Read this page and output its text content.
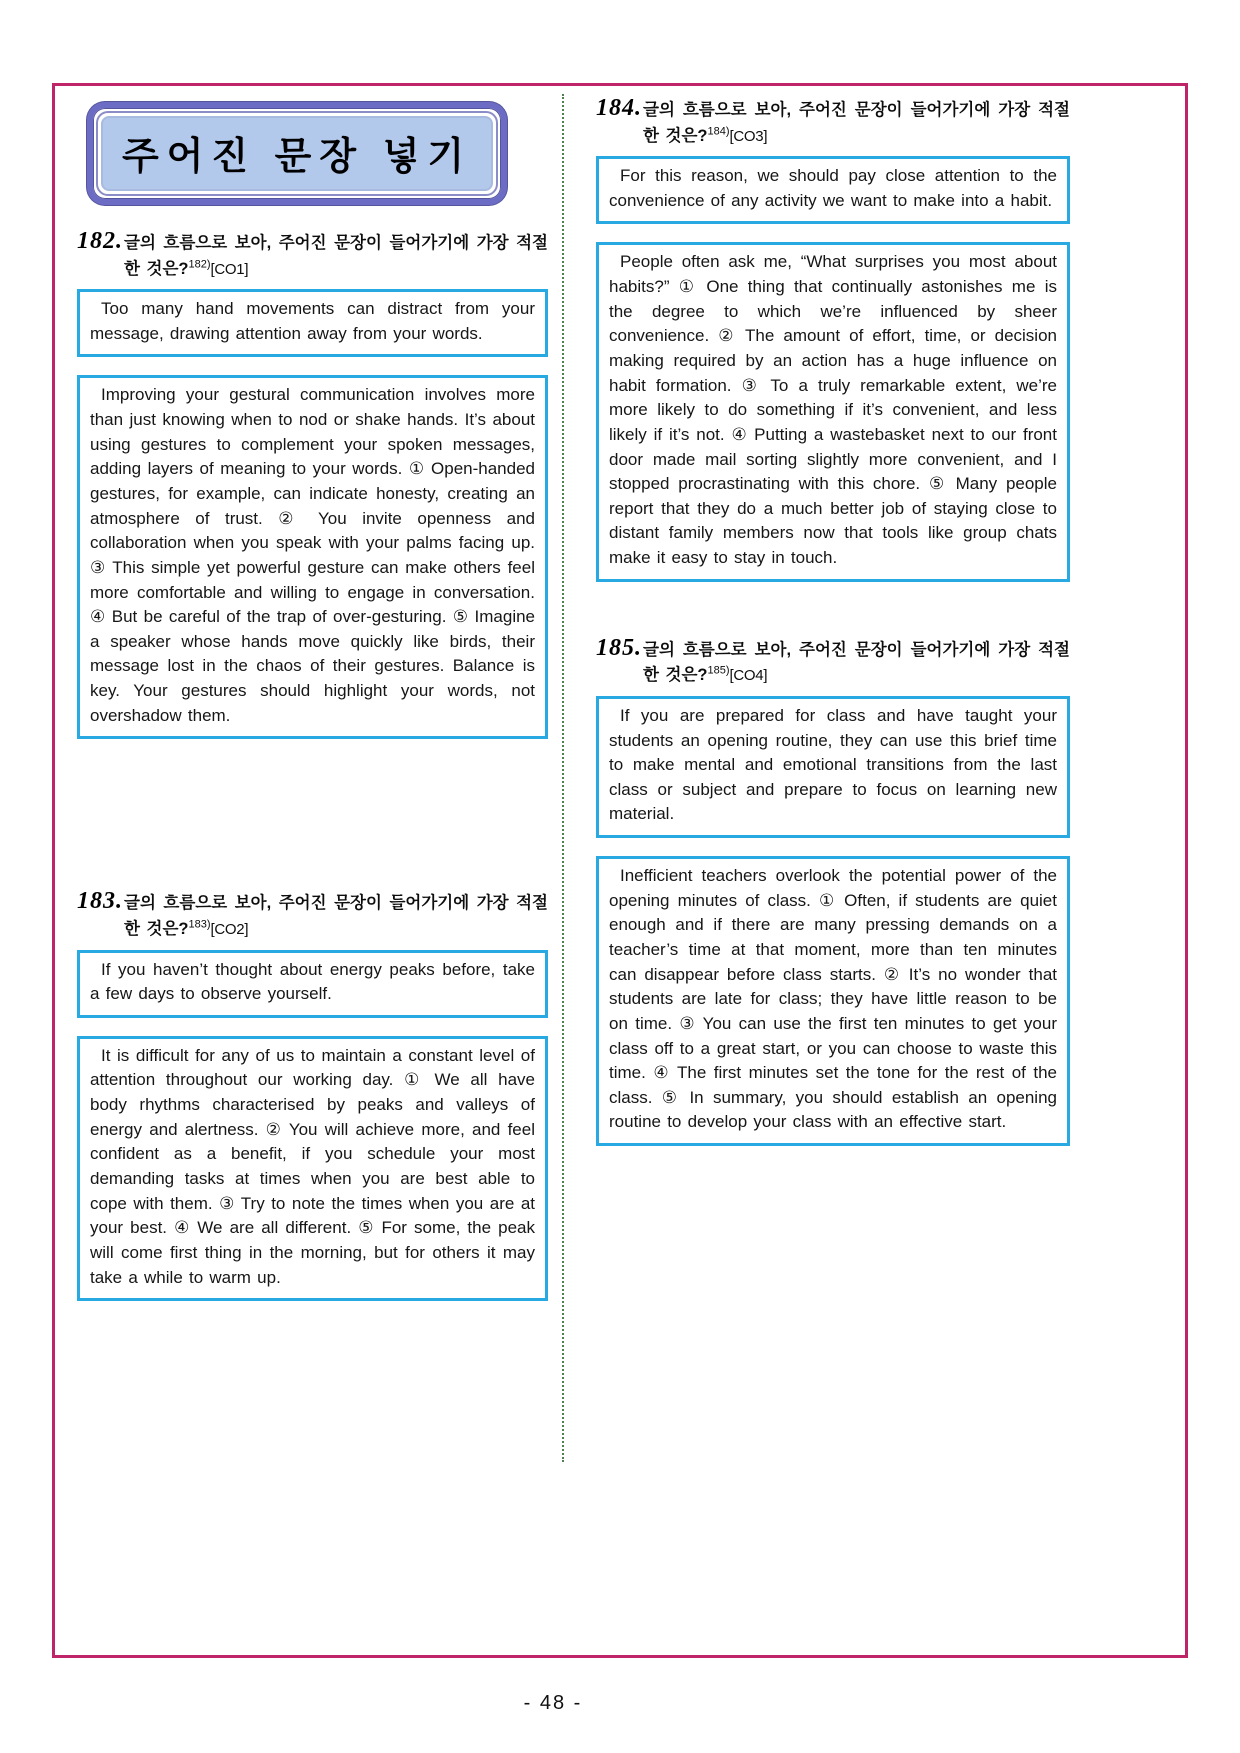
주어진 문장 넣기
182. 글의 흐름으로 보아, 주어진 문장이 들어가기에 가장 적절한 것은?$^{182)}$[CO1]

Too many hand movements can distract from your message, drawing attention away from your words.

Improving your gestural communication involves more than just knowing when to nod or shake hands. It’s about using gestures to complement your spoken messages, adding layers of meaning to your words. ① Open-handed gestures, for example, can indicate honesty, creating an atmosphere of trust. ② You invite openness and collaboration when you speak with your palms facing up. ③ This simple yet powerful gesture can make others feel more comfortable and willing to engage in conversation. ④ But be careful of the trap of over-gesturing. ⑤ Imagine a speaker whose hands move quickly like birds, their message lost in the chaos of their gestures. Balance is key. Your gestures should highlight your words, not overshadow them.

183. 글의 흐름으로 보아, 주어진 문장이 들어가기에 가장 적절한 것은?$^{183)}$[CO2]

If you haven’t thought about energy peaks before, take a few days to observe yourself.

It is difficult for any of us to maintain a constant level of attention throughout our working day. ① We all have body rhythms characterised by peaks and valleys of energy and alertness. ② You will achieve more, and feel confident as a benefit, if you schedule your most demanding tasks at times when you are best able to cope with them. ③ Try to note the times when you are at your best. ④ We are all different. ⑤ For some, the peak will come first thing in the morning, but for others it may take a while to warm up.

184. 글의 흐름으로 보아, 주어진 문장이 들어가기에 가장 적절한 것은?$^{184)}$[CO3]

For this reason, we should pay close attention to the convenience of any activity we want to make into a habit.

People often ask me, “What surprises you most about habits?” ① One thing that continually astonishes me is the degree to which we’re influenced by sheer convenience. ② The amount of effort, time, or decision making required by an action has a huge influence on habit formation. ③ To a truly remarkable extent, we’re more likely to do something if it’s convenient, and less likely if it’s not. ④ Putting a wastebasket next to our front door made mail sorting slightly more convenient, and I stopped procrastinating with this chore. ⑤ Many people report that they do a much better job of staying close to distant family members now that tools like group chats make it easy to stay in touch.

185. 글의 흐름으로 보아, 주어진 문장이 들어가기에 가장 적절한 것은?$^{185)}$[CO4]

If you are prepared for class and have taught your students an opening routine, they can use this brief time to make mental and emotional transitions from the last class or subject and prepare to focus on learning new material.

Inefficient teachers overlook the potential power of the opening minutes of class. ① Often, if students are quiet enough and if there are many pressing demands on a teacher’s time at that moment, more than ten minutes can disappear before class starts. ② It’s no wonder that students are late for class; they have little reason to be on time. ③ You can use the first ten minutes to get your class off to a great start, or you can choose to waste this time. ④ The first minutes set the tone for the rest of the class. ⑤ In summary, you should establish an opening routine to develop your class with an effective start.

- 48 -
